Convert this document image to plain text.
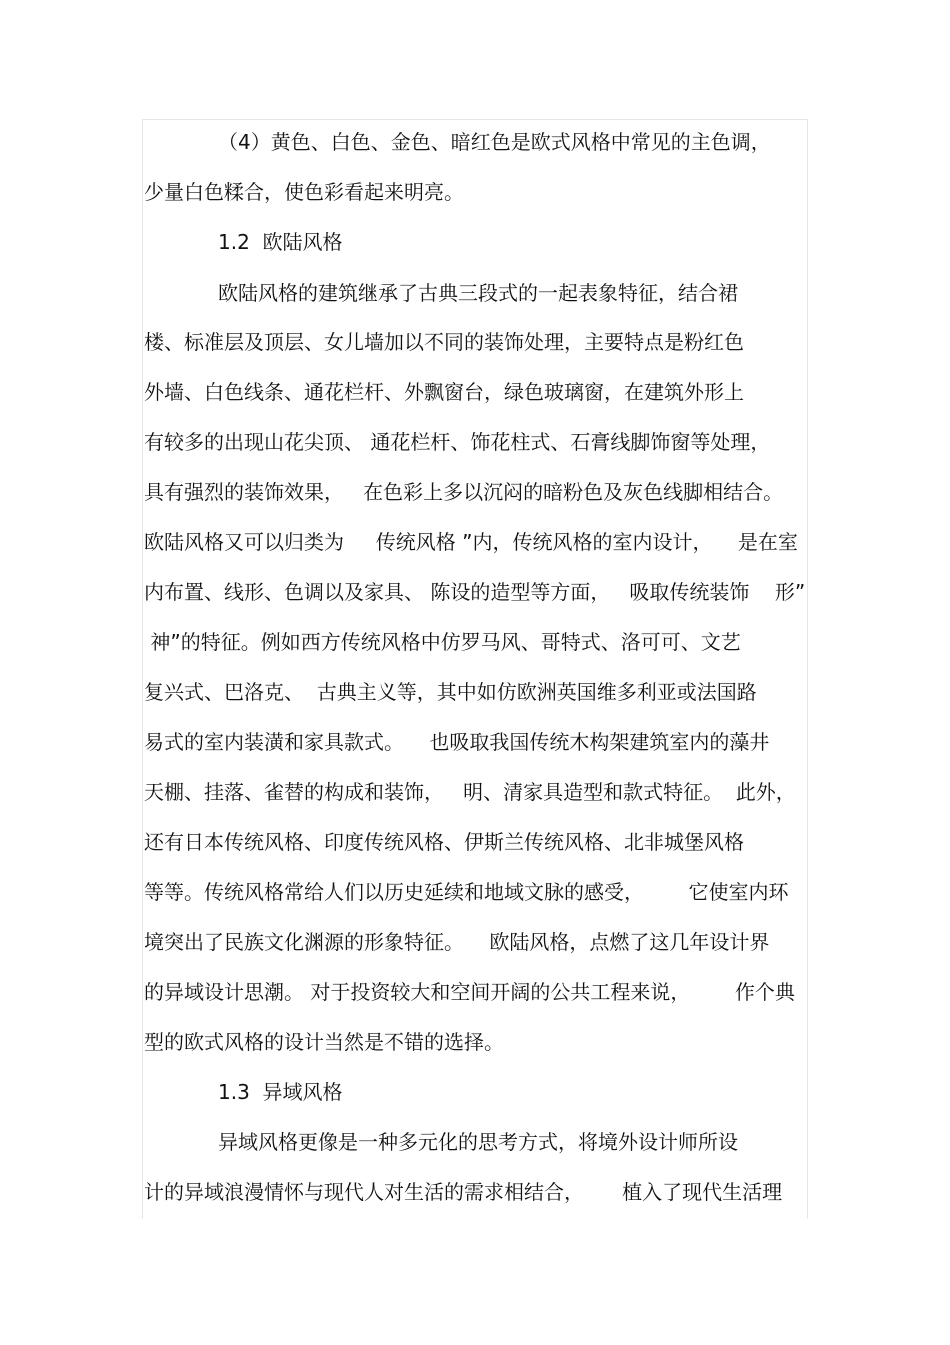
（4）黄色、白色、金色、暗红色是欧式风格中常见的主色调，
少量白色糅合，使色彩看起来明亮。
1.2  欧陆风格
欧陆风格的建筑继承了古典三段式的一起表象特征，结合裙
楼、标准层及顶层、女儿墙加以不同的装饰处理，主要特点是粉红色
外墙、白色线条、通花栏杆、外飘窗台，绿色玻璃窗，在建筑外形上
有较多的出现山花尖顶、 通花栏杆、饰花柱式、石膏线脚饰窗等处理，
具有强烈的装饰效果，   在色彩上多以沉闷的暗粉色及灰色线脚相结合。
欧陆风格又可以归类为     传统风格 ”内，传统风格的室内设计，    是在室
内布置、线形、色调以及家具、 陈设的造型等方面，   吸取传统装饰    形”
神”的特征。例如西方传统风格中仿罗马风、哥特式、洛可可、文艺
复兴式、巴洛克、  古典主义等，其中如仿欧洲英国维多利亚或法国路
易式的室内装潢和家具款式。    也吸取我国传统木构架建筑室内的藻井
天棚、挂落、雀替的构成和装饰，   明、清家具造型和款式特征。  此外，
还有日本传统风格、印度传统风格、伊斯兰传统风格、北非城堡风格
等等。传统风格常给人们以历史延续和地域文脉的感受，       它使室内环
境突出了民族文化渊源的形象特征。    欧陆风格，点燃了这几年设计界
的异域设计思潮。 对于投资较大和空间开阔的公共工程来说，       作个典
型的欧式风格的设计当然是不错的选择。
1.3  异域风格
异域风格更像是一种多元化的思考方式，将境外设计师所设
计的异域浪漫情怀与现代人对生活的需求相结合，      植入了现代生活理
